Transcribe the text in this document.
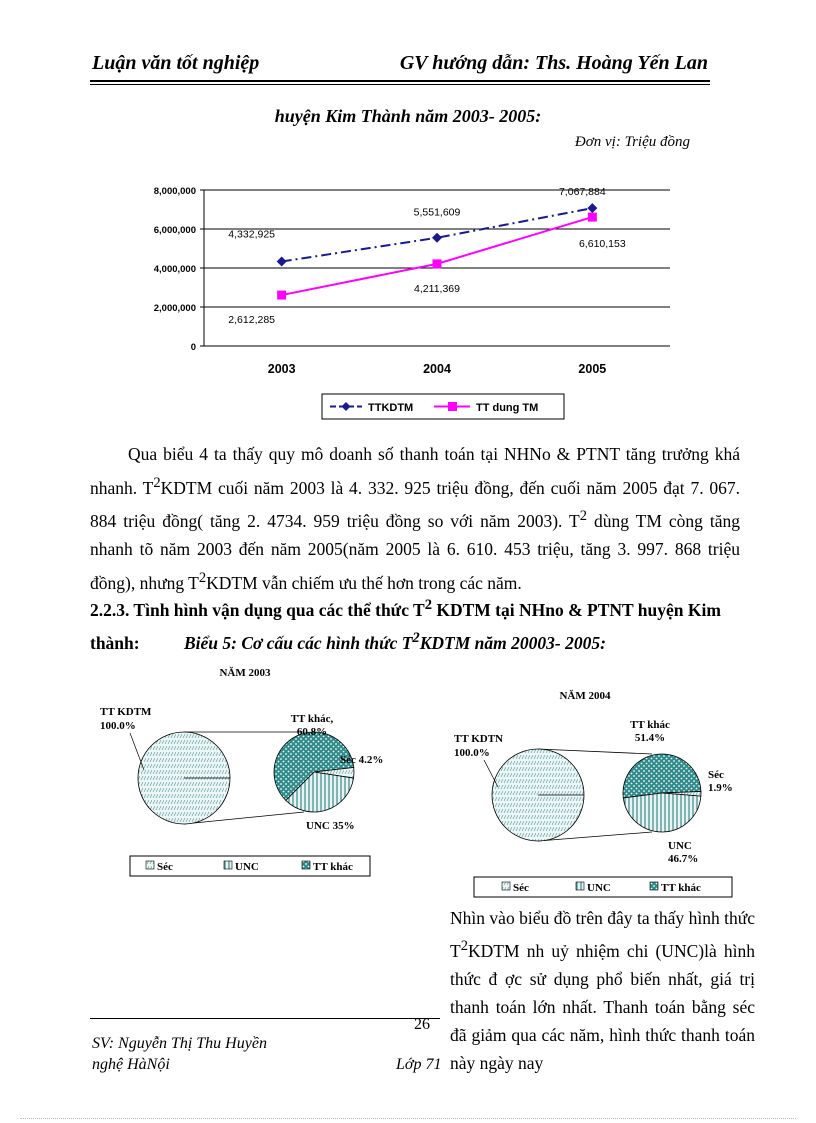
Luận văn tốt nghiệp	GV hướng dẫn: Ths. Hoàng Yến Lan
huyện Kim Thành năm 2003- 2005:
Đơn vị: Triệu đồng
0
2,000,000
4,000,000
6,000,000
8,000,000
2003	2004	2005
4,332,925
5,551,609
7,067,884
2,612,285
4,211,369
6,610,153
TTKDTM	TT dung TM

Qua biểu 4 ta thấy quy mô doanh số thanh toán tại NHNo & PTNT tăng trưởng khá nhanh. $T^2KDTM$ cuối năm 2003 là 4. 332. 925 triệu đồng, đến cuối năm 2005 đạt 7. 067. 884 triệu đồng( tăng 2. 4734. 959 triệu đồng so với năm 2003). $T^2$ dùng TM còng tăng nhanh tõ năm 2003 đến năm 2005(năm 2005 là 6. 610. 453 triệu, tăng 3. 997. 868 triệu đồng), nhưng $T^2KDTM$ vẫn chiếm ưu thế hơn trong các năm.

2.2.3. Tình hình vận dụng qua các thể thức $T^2$ KDTM tại NHno & PTNT huyện Kim thành:	Biểu 5: Cơ cấu các hình thức $T^2KDTM$ năm 20003- 2005:
NĂM 2003
TT KDTM
100.0%
TT khác,
60.8%
Séc 4.2%
UNC 35%
Séc	UNC	TT khác
NĂM 2004
TT KDTN
100.0%
TT khác
51.4%
Séc
1.9%
UNC
46.7%
Séc	UNC	TT khác
Nhìn vào biểu đồ trên đây ta thấy hình thức $T^2KDTM$ nh uỷ nhiệm chi (UNC)là hình thức đ ợc sử dụng phổ biến nhất, giá trị thanh toán lớn nhất. Thanh toán bằng séc đã giảm qua các năm, hình thức thanh toán này ngày nay
26
SV: Nguyễn Thị Thu Huyền
nghệ HàNội	Lớp 71
